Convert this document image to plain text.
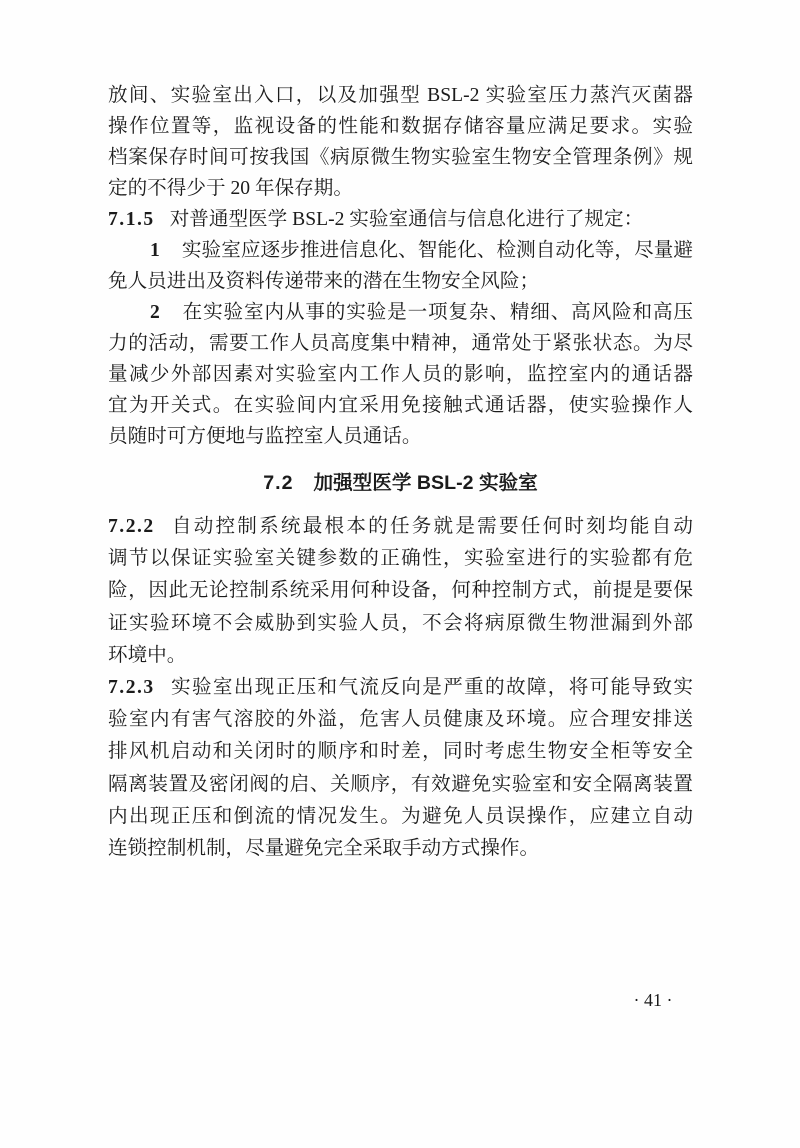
放间、实验室出入口，以及加强型 BSL-2 实验室压力蒸汽灭菌器
操作位置等，监视设备的性能和数据存储容量应满足要求。实验
档案保存时间可按我国《病原微生物实验室生物安全管理条例》规
定的不得少于 20 年保存期。
7.1.5 对普通型医学 BSL-2 实验室通信与信息化进行了规定：
1 实验室应逐步推进信息化、智能化、检测自动化等，尽量避
免人员进出及资料传递带来的潜在生物安全风险；
2 在实验室内从事的实验是一项复杂、精细、高风险和高压
力的活动，需要工作人员高度集中精神，通常处于紧张状态。为尽
量减少外部因素对实验室内工作人员的影响，监控室内的通话器
宜为开关式。在实验间内宜采用免接触式通话器，使实验操作人
员随时可方便地与监控室人员通话。
7.2 加强型医学 BSL-2 实验室
7.2.2 自动控制系统最根本的任务就是需要任何时刻均能自动
调节以保证实验室关键参数的正确性，实验室进行的实验都有危
险，因此无论控制系统采用何种设备，何种控制方式，前提是要保
证实验环境不会威胁到实验人员，不会将病原微生物泄漏到外部
环境中。
7.2.3 实验室出现正压和气流反向是严重的故障，将可能导致实
验室内有害气溶胶的外溢，危害人员健康及环境。应合理安排送
排风机启动和关闭时的顺序和时差，同时考虑生物安全柜等安全
隔离装置及密闭阀的启、关顺序，有效避免实验室和安全隔离装置
内出现正压和倒流的情况发生。为避免人员误操作，应建立自动
连锁控制机制，尽量避免完全采取手动方式操作。
· 41 ·
